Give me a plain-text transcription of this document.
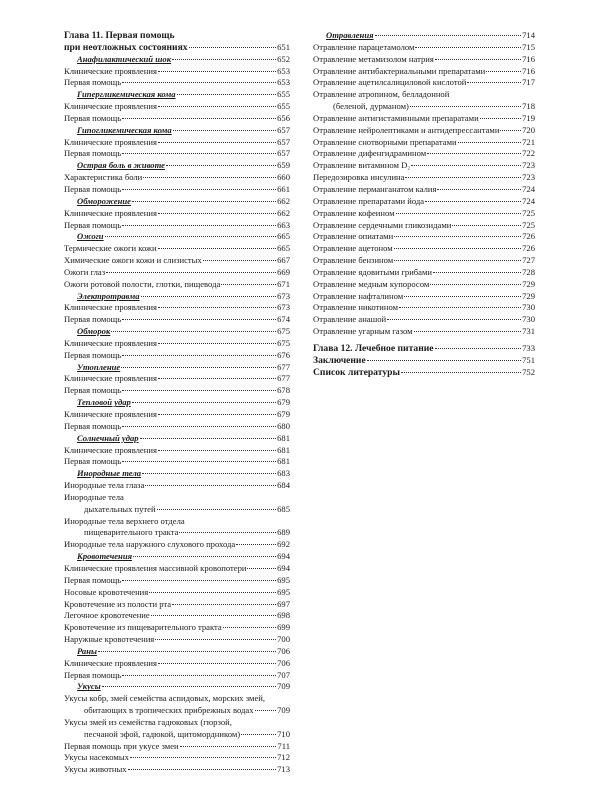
Глава 11. Первая помощь
при неотложных состояниях	651
Анафилактический шок	652
Клинические проявления	653
Первая помощь	653
Гипергликемическая кома	655
Клинические проявления	655
Первая помощь	656
Гипогликемическая кома	657
Клинические проявления	657
Первая помощь	657
Острая боль в животе	659
Характеристика боли	660
Первая помощь	661
Обморожение	662
Клинические проявления	662
Первая помощь	663
Ожоги	665
Термические ожоги кожи	665
Химические ожоги кожи и слизистых	667
Ожоги глаз	669
Ожоги ротовой полости, глотки, пищевода	671
Электротравма	673
Клинические проявления	673
Первая помощь	674
Обморок	675
Клинические проявления	675
Первая помощь	676
Утопление	677
Клинические проявления	677
Первая помощь	678
Тепловой удар	679
Клинические проявления	679
Первая помощь	680
Солнечный удар	681
Клинические проявления	681
Первая помощь	681
Инородные тела	683
Инородные тела глаза	684
Инородные тела
дыхательных путей	685
Инородные тела верхнего отдела
пищеварительного тракта	689
Инородные тела наружного слухового прохода	692
Кровотечения	694
Клинические проявления массивной кровопотери	694
Первая помощь	695
Носовые кровотечения	695
Кровотечение из полости рта	697
Легочное кровотечение	698
Кровотечение из пищеварительного тракта	699
Наружные кровотечения	700
Раны	706
Клинические проявления	706
Первая помощь	707
Укусы	709
Укусы кобр, змей семейства аспидовых, морских змей,
обитающих в тропических прибрежных водах	709
Укусы змей из семейства гадюковых (гюрзой,
песчаной эфой, гадюкой, щитомордником)	710
Первая помощь при укусе змеи	711
Укусы насекомых	712
Укусы животных	713
Отравления	714
Отравление парацетамолом	715
Отравление метамизолом натрия	716
Отравление антибактериальными препаратами	716
Отравление ацетилсалициловой кислотой	717
Отравление атропином, белладонной
(беленой, дурманом)	718
Отравление антигистаминными препаратами	719
Отравление нейролептиками и антидепрессантами	720
Отравление снотворными препаратами	721
Отравление дифенгидрамином	722
Отравление витамином D₂	723
Передозировка инсулина	723
Отравление перманганатом калия	724
Отравление препаратами йода	724
Отравление кофеином	725
Отравление сердечными гликозидами	725
Отравление опиатами	726
Отравление ацетоном	726
Отравление бензином	727
Отравление ядовитыми грибами	728
Отравление медным купоросом	729
Отравление нафталином	729
Отравление никотином	730
Отравление анашой	730
Отравление угарным газом	731
Глава 12. Лечебное питание	733
Заключение	751
Список литературы	752
